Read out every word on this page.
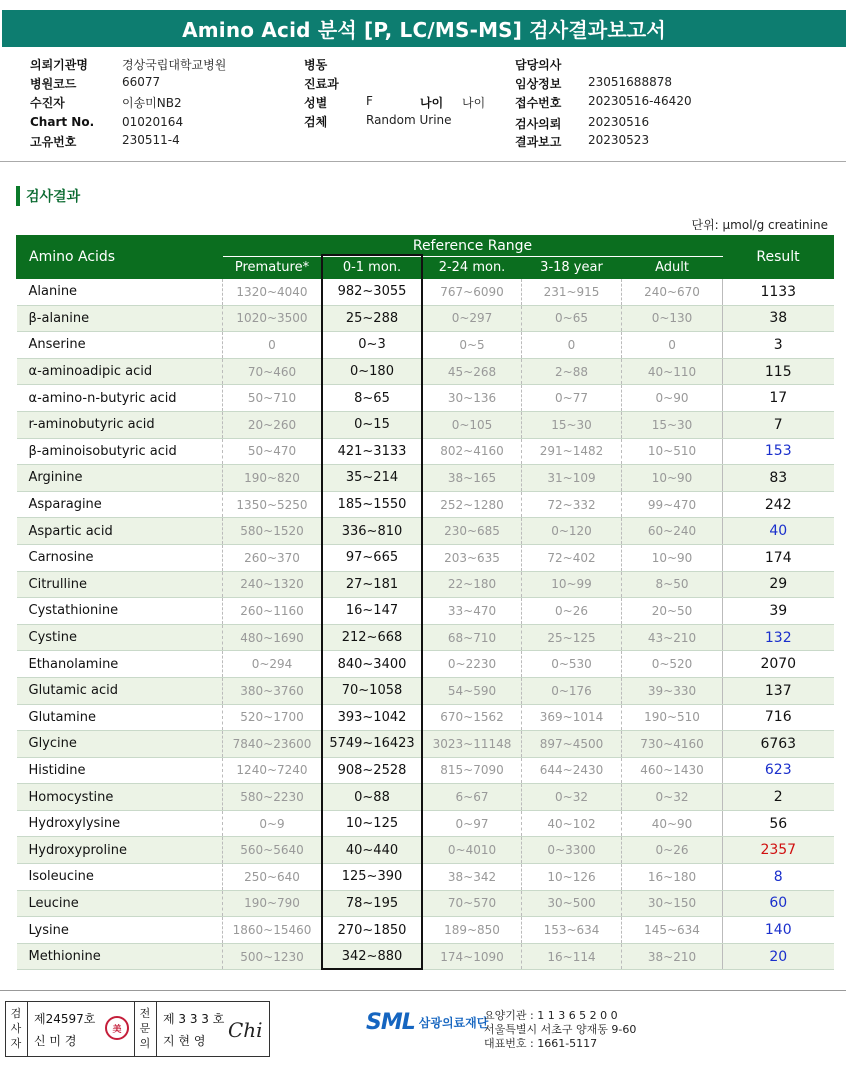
Amino Acid 분석 [P, LC/MS-MS] 검사결과보고서
의뢰기관명	경상국립대학교병원
병원코드	66077
수진자	이송미NB2
Chart No. 01020164
고유번호	230511-4
병동
진료과
성별	F	나이 나이
검체	Random Urine
담당의사
임상정보 23051688878
접수번호 20230516-46420
검사의뢰 20230516
결과보고 20230523
검사결과
단위: μmol/g creatinine
Amino Acids	Reference Range					Result
	Premature*	0-1 mon.	2-24 mon.	3-18 year	Adult	
Alanine	1320~4040	982~3055	767~6090	231~915	240~670	1133
β-alanine	1020~3500	25~288	0~297	0~65	0~130	38
Anserine	0	0~3	0~5	0	0	3
α-aminoadipic acid	70~460	0~180	45~268	2~88	40~110	115
α-amino-n-butyric acid	50~710	8~65	30~136	0~77	0~90	17
r-aminobutyric acid	20~260	0~15	0~105	15~30	15~30	7
β-aminoisobutyric acid	50~470	421~3133	802~4160	291~1482	10~510	153
Arginine	190~820	35~214	38~165	31~109	10~90	83
Asparagine	1350~5250	185~1550	252~1280	72~332	99~470	242
Aspartic acid	580~1520	336~810	230~685	0~120	60~240	40
Carnosine	260~370	97~665	203~635	72~402	10~90	174
Citrulline	240~1320	27~181	22~180	10~99	8~50	29
Cystathionine	260~1160	16~147	33~470	0~26	20~50	39
Cystine	480~1690	212~668	68~710	25~125	43~210	132
Ethanolamine	0~294	840~3400	0~2230	0~530	0~520	2070
Glutamic acid	380~3760	70~1058	54~590	0~176	39~330	137
Glutamine	520~1700	393~1042	670~1562	369~1014	190~510	716
Glycine	7840~23600	5749~16423	3023~11148	897~4500	730~4160	6763
Histidine	1240~7240	908~2528	815~7090	644~2430	460~1430	623
Homocystine	580~2230	0~88	6~67	0~32	0~32	2
Hydroxylysine	0~9	10~125	0~97	40~102	40~90	56
Hydroxyproline	560~5640	40~440	0~4010	0~3300	0~26	2357
Isoleucine	250~640	125~390	38~342	10~126	16~180	8
Leucine	190~790	78~195	70~570	30~500	30~150	60
Lysine	1860~15460	270~1850	189~850	153~634	145~634	140
Methionine	500~1230	342~880	174~1090	16~114	38~210	20
검사자
제24597호
신 미 경
美
전문의
제 3 3 3 호
지 현 영 Chi	SML 삼광의료재단
요양기관 : 1 1 3 6 5 2 0 0
서울특별시 서초구 양재동 9-60
대표번호 : 1661-5117
